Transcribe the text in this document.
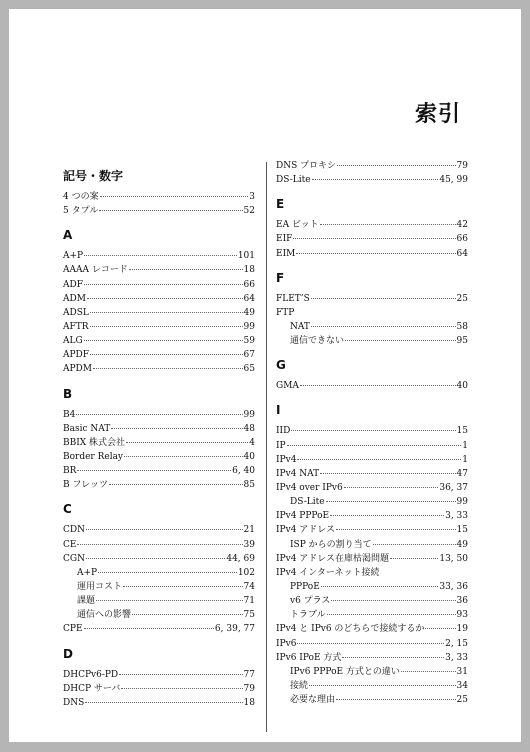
索引
記号・数字
4 つの案	3
5 タプル	52
A
A+P	101
AAAA レコード	18
ADF	66
ADM	64
ADSL	49
AFTR	99
ALG	59
APDF	67
APDM	65
B
B4	99
Basic NAT	48
BBIX 株式会社	4
Border Relay	40
BR	6, 40
B フレッツ	85
C
CDN	21
CE	39
CGN	44, 69
A+P	102
運用コスト	74
課題	71
通信への影響	75
CPE	6, 39, 77
D
DHCPv6-PD	77
DHCP サーバ	79
DNS	18
DNS プロキシ	79
DS-Lite	45, 99
E
EA ビット	42
EIF	66
EIM	64
F
FLET’S	25
FTP
NAT	58
通信できない	95
G
GMA	40
I
IID	15
IP	1
IPv4	1
IPv4 NAT	47
IPv4 over IPv6	36, 37
DS-Lite	99
IPv4 PPPoE	3, 33
IPv4 アドレス	15
ISP からの割り当て	49
IPv4 アドレス在庫枯渇問題	13, 50
IPv4 インターネット接続
PPPoE	33, 36
v6 プラス	36
トラブル	93
IPv4 と IPv6 のどちらで接続するか	19
IPv6	2, 15
IPv6 IPoE 方式	3, 33
IPv6 PPPoE 方式との違い	31
接続	34
必要な理由	25
